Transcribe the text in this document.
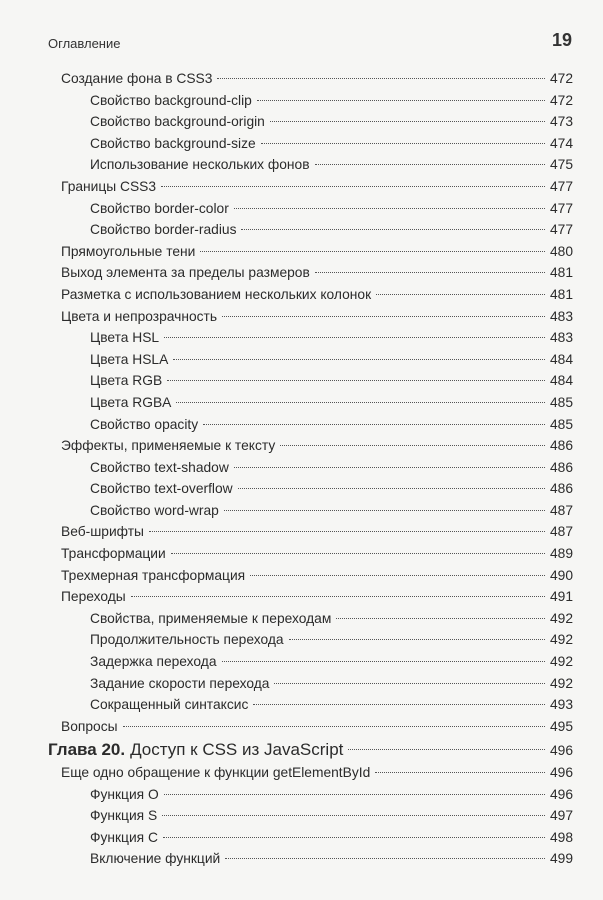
Оглавление	19
Создание фона в CSS3	472
Свойство background-clip	472
Свойство background-origin	473
Свойство background-size	474
Использование нескольких фонов	475
Границы CSS3	477
Свойство border-color	477
Свойство border-radius	477
Прямоугольные тени	480
Выход элемента за пределы размеров	481
Разметка с использованием нескольких колонок	481
Цвета и непрозрачность	483
Цвета HSL	483
Цвета HSLA	484
Цвета RGB	484
Цвета RGBA	485
Свойство opacity	485
Эффекты, применяемые к тексту	486
Свойство text-shadow	486
Свойство text-overflow	486
Свойство word-wrap	487
Веб-шрифты	487
Трансформации	489
Трехмерная трансформация	490
Переходы	491
Свойства, применяемые к переходам	492
Продолжительность перехода	492
Задержка перехода	492
Задание скорости перехода	492
Сокращенный синтаксис	493
Вопросы	495
Глава 20. Доступ к CSS из JavaScript	496
Еще одно обращение к функции getElementById	496
Функция O	496
Функция S	497
Функция C	498
Включение функций	499
